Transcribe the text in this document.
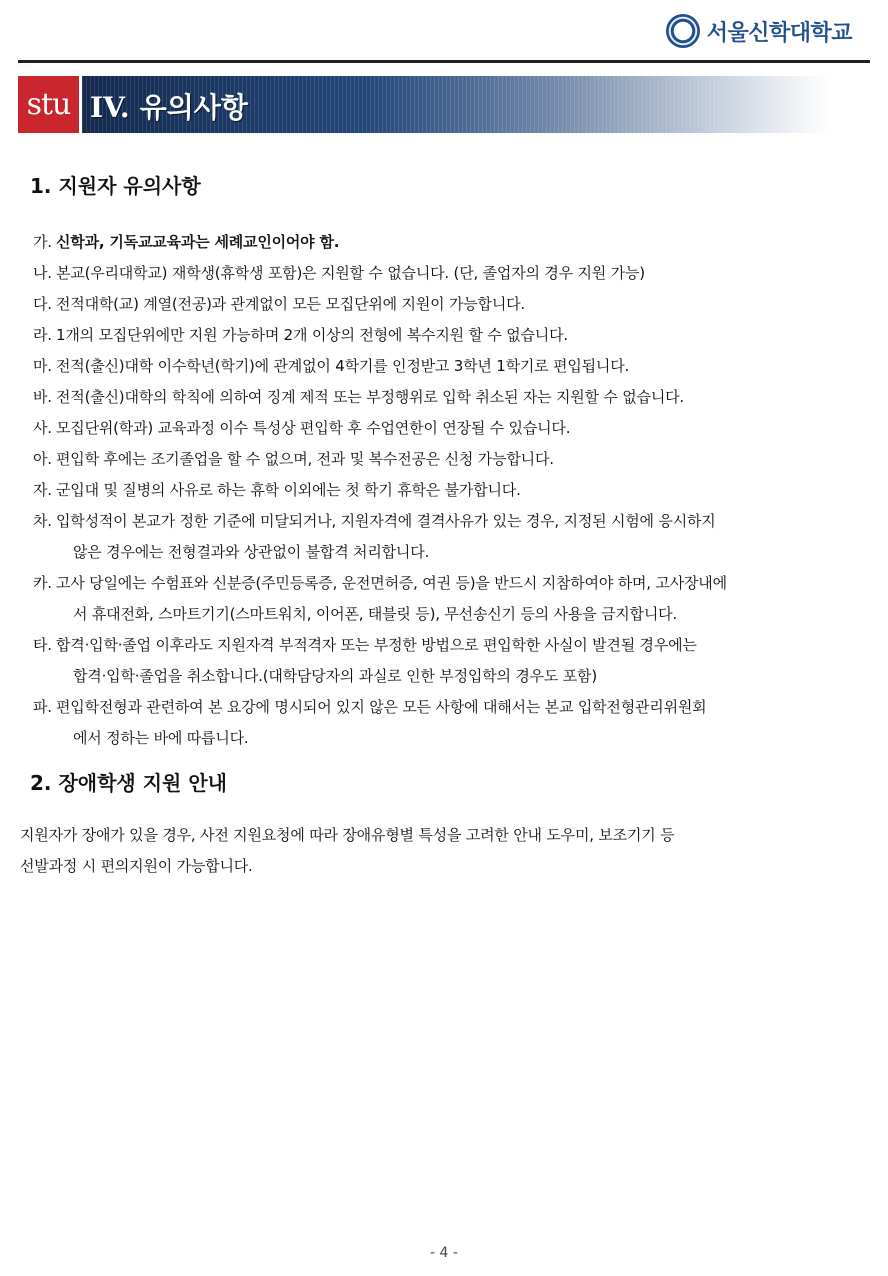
서울신학대학교
stu IV. 유의사항
1. 지원자 유의사항
가. 신학과, 기독교교육과는 세례교인이어야 함.
나. 본교(우리대학교) 재학생(휴학생 포함)은 지원할 수 없습니다. (단, 졸업자의 경우 지원 가능)
다. 전적대학(교) 계열(전공)과 관계없이 모든 모집단위에 지원이 가능합니다.
라. 1개의 모집단위에만 지원 가능하며 2개 이상의 전형에 복수지원 할 수 없습니다.
마. 전적(출신)대학 이수학년(학기)에 관계없이 4학기를 인정받고 3학년 1학기로 편입됩니다.
바. 전적(출신)대학의 학칙에 의하여 징계 제적 또는 부정행위로 입학 취소된 자는 지원할 수 없습니다.
사. 모집단위(학과) 교육과정 이수 특성상 편입학 후 수업연한이 연장될 수 있습니다.
아. 편입학 후에는 조기졸업을 할 수 없으며, 전과 및 복수전공은 신청 가능합니다.
자. 군입대 및 질병의 사유로 하는 휴학 이외에는 첫 학기 휴학은 불가합니다.
차. 입학성적이 본교가 정한 기준에 미달되거나, 지원자격에 결격사유가 있는 경우, 지정된 시험에 응시하지
않은 경우에는 전형결과와 상관없이 불합격 처리합니다.
카. 고사 당일에는 수험표와 신분증(주민등록증, 운전면허증, 여권 등)을 반드시 지참하여야 하며, 고사장내에
서 휴대전화, 스마트기기(스마트워치, 이어폰, 태블릿 등), 무선송신기 등의 사용을 금지합니다.
타. 합격·입학·졸업 이후라도 지원자격 부적격자 또는 부정한 방법으로 편입학한 사실이 발견될 경우에는
합격·입학·졸업을 취소합니다.(대학담당자의 과실로 인한 부정입학의 경우도 포함)
파. 편입학전형과 관련하여 본 요강에 명시되어 있지 않은 모든 사항에 대해서는 본교 입학전형관리위원회
에서 정하는 바에 따릅니다.
2. 장애학생 지원 안내
지원자가 장애가 있을 경우, 사전 지원요청에 따라 장애유형별 특성을 고려한 안내 도우미, 보조기기 등
선발과정 시 편의지원이 가능합니다.
- 4 -
